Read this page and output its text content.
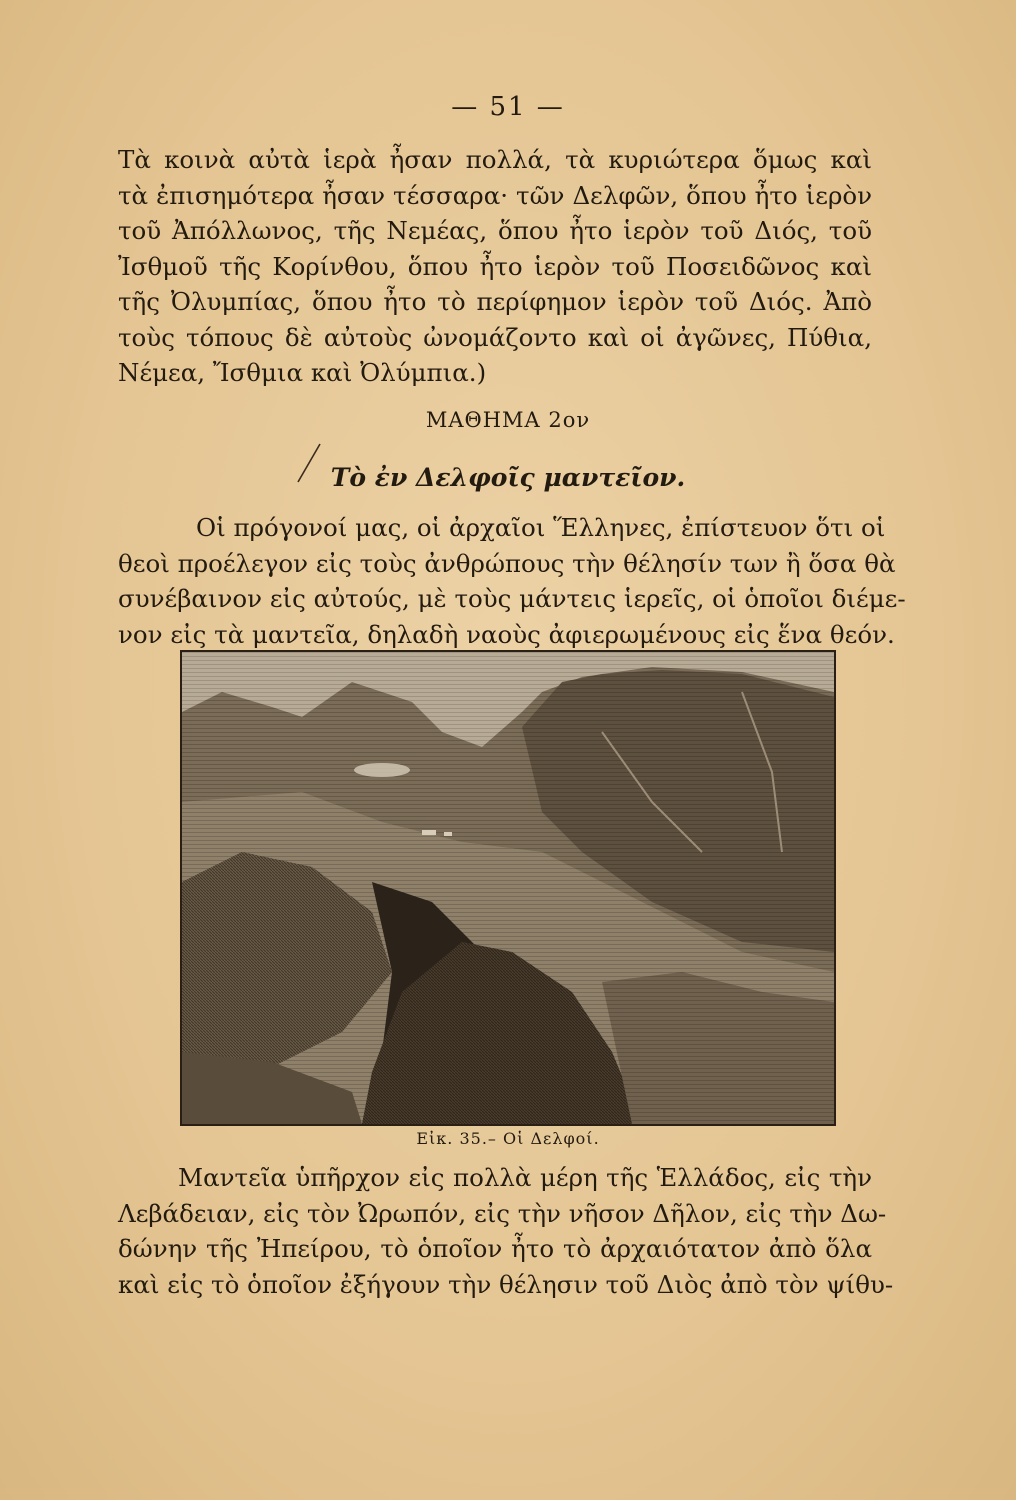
— 51 —

Τὰ κοινὰ αὐτὰ ἱερὰ ἦσαν πολλά, τὰ κυριώτερα ὅμως καὶ
τὰ ἐπισημότερα ἦσαν τέσσαρα· τῶν Δελφῶν, ὅπου ἦτο ἱερὸν
τοῦ Ἀπόλλωνος, τῆς Νεμέας, ὅπου ἦτο ἱερὸν τοῦ Διός, τοῦ
Ἰσθμοῦ τῆς Κορίνθου, ὅπου ἦτο ἱερὸν τοῦ Ποσειδῶνος καὶ
τῆς Ὀλυμπίας, ὅπου ἦτο τὸ περίφημον ἱερὸν τοῦ Διός. Ἀπὸ
τοὺς τόπους δὲ αὐτοὺς ὠνομάζοντο καὶ οἱ ἀγῶνες, Πύθια,
Νέμεα, Ἴσθμια καὶ Ὀλύμπια.)

ΜΑΘΗΜΑ 2ον
Τὸ ἐν Δελφοῖς μαντεῖον.

Οἱ πρόγονοί μας, οἱ ἀρχαῖοι Ἕλληνες, ἐπίστευον ὅτι οἱ
θεοὶ προέλεγον εἰς τοὺς ἀνθρώπους τὴν θέλησίν των ἢ ὅσα θὰ
συνέβαινον εἰς αὐτούς, μὲ τοὺς μάντεις ἱερεῖς, οἱ ὁποῖοι διέμε-
νον εἰς τὰ μαντεῖα, δηλαδὴ ναοὺς ἀφιερωμένους εἰς ἕνα θεόν.

Εἰκ. 35.– Οἱ Δελφοί.

Μαντεῖα ὑπῆρχον εἰς πολλὰ μέρη τῆς Ἑλλάδος, εἰς τὴν
Λεβάδειαν, εἰς τὸν Ὠρωπόν, εἰς τὴν νῆσον Δῆλον, εἰς τὴν Δω-
δώνην τῆς Ἠπείρου, τὸ ὁποῖον ἦτο τὸ ἀρχαιότατον ἀπὸ ὅλα
καὶ εἰς τὸ ὁποῖον ἐξήγουν τὴν θέλησιν τοῦ Διὸς ἀπὸ τὸν ψίθυ-
